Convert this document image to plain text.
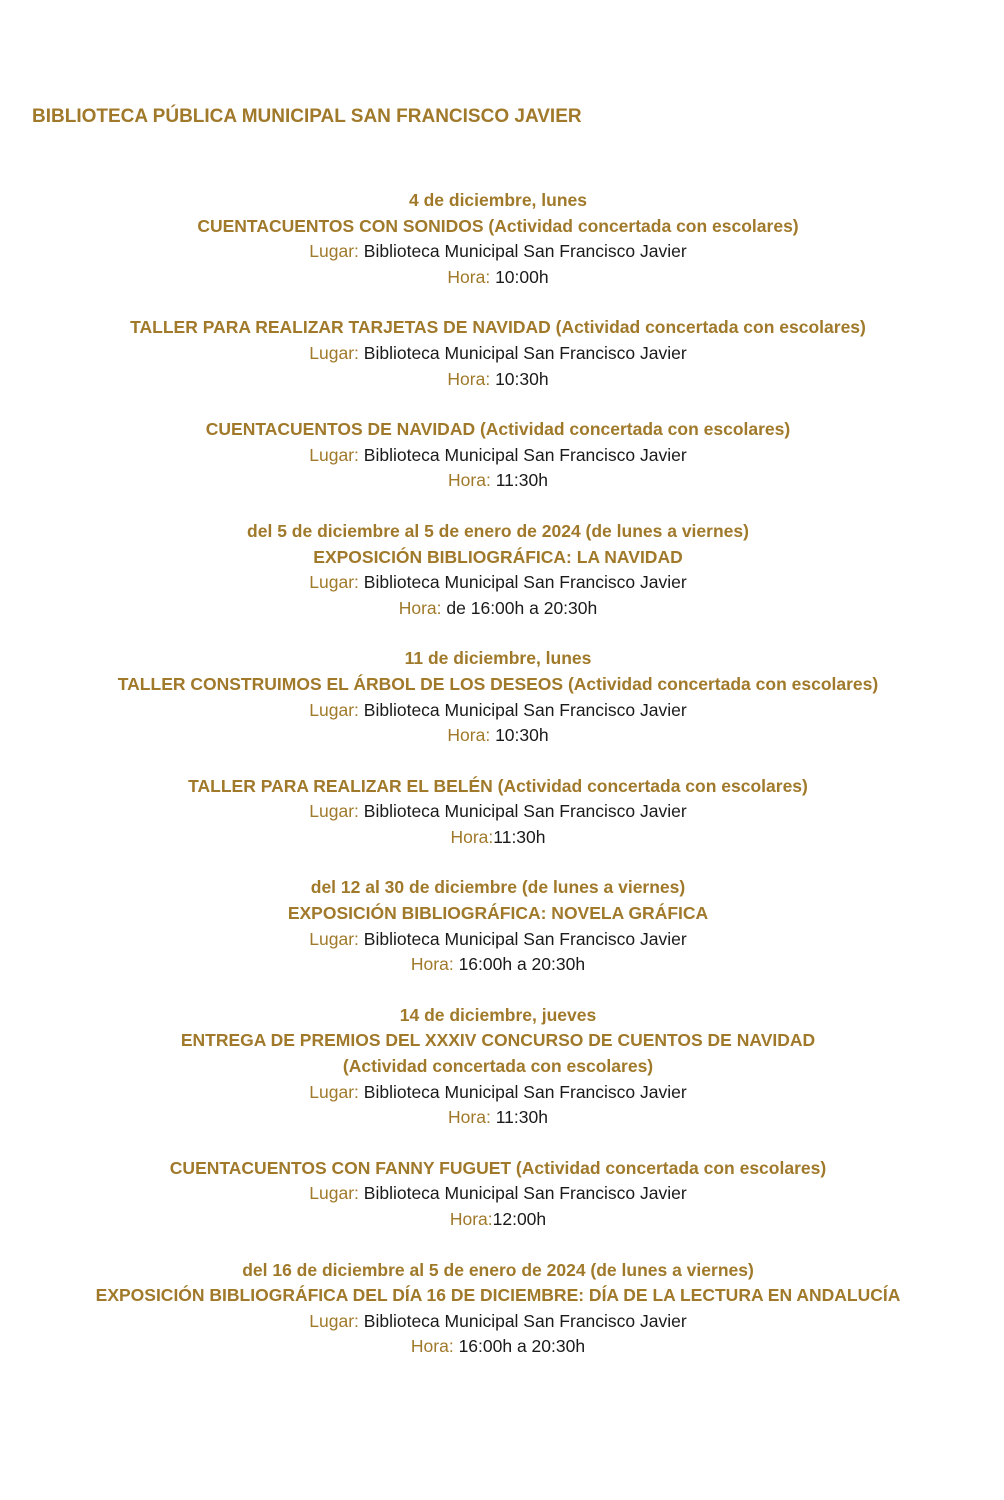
BIBLIOTECA PÚBLICA MUNICIPAL SAN FRANCISCO JAVIER
4 de diciembre, lunes
CUENTACUENTOS CON SONIDOS (Actividad concertada con escolares)
Lugar: Biblioteca Municipal San Francisco Javier
Hora: 10:00h
TALLER PARA REALIZAR TARJETAS DE NAVIDAD (Actividad concertada con escolares)
Lugar: Biblioteca Municipal San Francisco Javier
Hora: 10:30h
CUENTACUENTOS DE NAVIDAD (Actividad concertada con escolares)
Lugar: Biblioteca Municipal San Francisco Javier
Hora: 11:30h
del 5 de diciembre al 5 de enero de 2024 (de lunes a viernes)
EXPOSICIÓN BIBLIOGRÁFICA: LA NAVIDAD
Lugar: Biblioteca Municipal San Francisco Javier
Hora: de 16:00h a 20:30h
11 de diciembre, lunes
TALLER CONSTRUIMOS EL ÁRBOL DE LOS DESEOS (Actividad concertada con escolares)
Lugar: Biblioteca Municipal San Francisco Javier
Hora: 10:30h
TALLER PARA REALIZAR EL BELÉN (Actividad concertada con escolares)
Lugar: Biblioteca Municipal San Francisco Javier
Hora:11:30h
del 12 al 30 de diciembre (de lunes a viernes)
EXPOSICIÓN BIBLIOGRÁFICA: NOVELA GRÁFICA
Lugar: Biblioteca Municipal San Francisco Javier
Hora: 16:00h a 20:30h
14 de diciembre, jueves
ENTREGA DE PREMIOS DEL XXXIV CONCURSO DE CUENTOS DE NAVIDAD
(Actividad concertada con escolares)
Lugar: Biblioteca Municipal San Francisco Javier
Hora: 11:30h
CUENTACUENTOS CON FANNY FUGUET (Actividad concertada con escolares)
Lugar: Biblioteca Municipal San Francisco Javier
Hora:12:00h
del 16 de diciembre al 5 de enero de 2024 (de lunes a viernes)
EXPOSICIÓN BIBLIOGRÁFICA DEL DÍA 16 DE DICIEMBRE: DÍA DE LA LECTURA EN ANDALUCÍA
Lugar: Biblioteca Municipal San Francisco Javier
Hora: 16:00h a 20:30h
